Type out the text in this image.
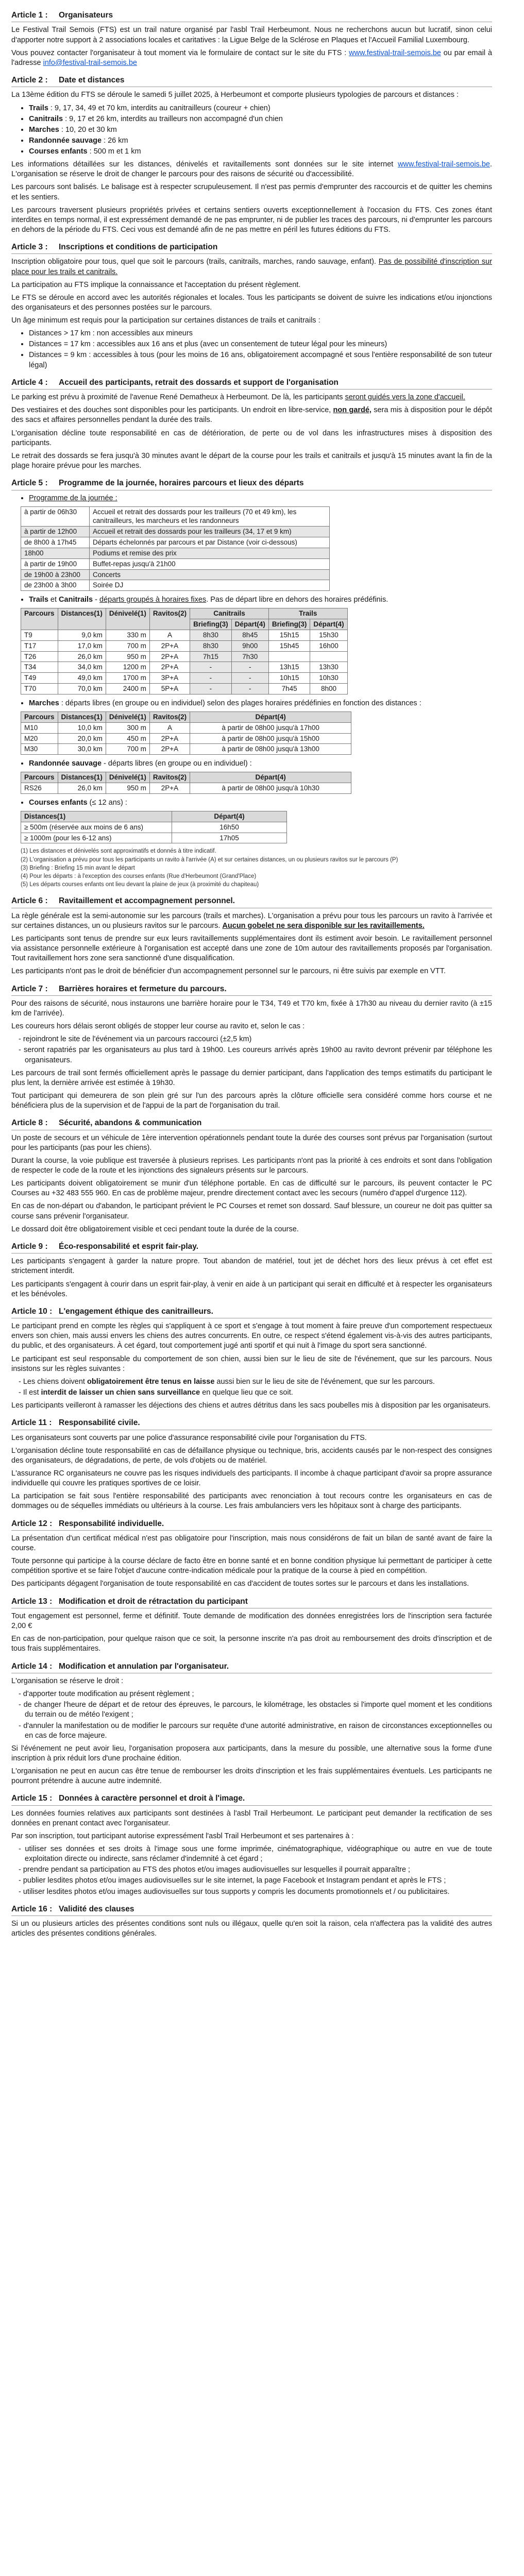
Article 1 : Organisateurs

Le Festival Trail Semois (FTS) est un trail nature organisé par l'asbl Trail Herbeumont. Nous ne recherchons aucun but lucratif, sinon celui d'apporter notre support à 2 associations locales et caritatives : la Ligue Belge de la Sclérose en Plaques et l'Accueil Familial Luxembourg.

Vous pouvez contacter l'organisateur à tout moment via le formulaire de contact sur le site du FTS : www.festival-trail-semois.be ou par email à l'adresse info@festival-trail-semois.be

Article 2 : Date et distances

La 13ème édition du FTS se déroule le samedi 5 juillet 2025, à Herbeumont et comporte plusieurs typologies de parcours et distances :

• Trails : 9, 17, 34, 49 et 70 km, interdits au canitrailleurs (coureur + chien)
• Canitrails : 9, 17 et 26 km, interdits au trailleurs non accompagné d'un chien
• Marches : 10, 20 et 30 km
• Randonnée sauvage : 26 km
• Courses enfants : 500 m et 1 km

Les informations détaillées sur les distances, dénivelés et ravitaillements sont données sur le site internet www.festival-trail-semois.be. L'organisation se réserve le droit de changer le parcours pour des raisons de sécurité ou d'accessibilité.

Les parcours sont balisés. Le balisage est à respecter scrupuleusement. Il n'est pas permis d'emprunter des raccourcis et de quitter les chemins et les sentiers.

Les parcours traversent plusieurs propriétés privées et certains sentiers ouverts exceptionnellement à l'occasion du FTS. Ces zones étant interdites en temps normal, il est expressément demandé de ne pas emprunter, ni de publier les traces des parcours, ni d'emprunter les parcours en dehors de la période du FTS. Ceci vous est demandé afin de ne pas mettre en péril les futures éditions du FTS.

Article 3 : Inscriptions et conditions de participation

Inscription obligatoire pour tous, quel que soit le parcours (trails, canitrails, marches, rando sauvage, enfant). Pas de possibilité d'inscription sur place pour les trails et canitrails.

La participation au FTS implique la connaissance et l'acceptation du présent règlement.

Le FTS se déroule en accord avec les autorités régionales et locales. Tous les participants se doivent de suivre les indications et/ou injonctions des organisateurs et des personnes postées sur le parcours.

Un âge minimum est requis pour la participation sur certaines distances de trails et canitrails :

• Distances > 17 km : non accessibles aux mineurs
• Distances = 17 km : accessibles aux 16 ans et plus (avec un consentement de tuteur légal pour les mineurs)
• Distances = 9 km : accessibles à tous (pour les moins de 16 ans, obligatoirement accompagné et sous l'entière responsabilité de son tuteur légal)
Article 4 : Accueil des participants, retrait des dossards et support de l'organisation

Le parking est prévu à proximité de l'avenue René Dematheux à Herbeumont. De là, les participants seront guidés vers la zone d'accueil.

Des vestiaires et des douches sont disponibles pour les participants. Un endroit en libre-service, non gardé, sera mis à disposition pour le dépôt des sacs et affaires personnelles pendant la durée des trails.

L'organisation décline toute responsabilité en cas de détérioration, de perte ou de vol dans les infrastructures mises à disposition des participants.

Le retrait des dossards se fera jusqu'à 30 minutes avant le départ de la course pour les trails et canitrails et jusqu'à 15 minutes avant la fin de la plage horaire prévue pour les marches.

Article 5 : Programme de la journée, horaires parcours et lieux des départs
• Programme de la journée :
à partir de 06h30	Accueil et retrait des dossards pour les trailleurs (70 et 49 km), les canitrailleurs, les marcheurs et les randonneurs
à partir de 12h00	Accueil et retrait des dossards pour les trailleurs (34, 17 et 9 km)
de 8h00 à 17h45	Départs échelonnés par parcours et par Distance (voir ci-dessous)
18h00	Podiums et remise des prix
à partir de 19h00	Buffet-repas jusqu'à 21h00
de 19h00 à 23h00	Concerts
de 23h00 à 3h00	Soirée DJ
• Trails et Canitrails - départs groupés à horaires fixes. Pas de départ libre en dehors des horaires prédéfinis.
Parcours	Distances(1)	Dénivelé(1)	Ravitos(2)	Canitrails		Trails	
				Briefing(3)	Départ(4)	Briefing(3)	Départ(4)
T9	9,0 km	330 m	A	8h30	8h45	15h15	15h30
T17	17,0 km	700 m	2P+A	8h30	9h00	15h45	16h00
T26	26,0 km	950 m	2P+A	7h15	7h30		
T34	34,0 km	1200 m	2P+A	-	-	13h15	13h30
T49	49,0 km	1700 m	3P+A	-	-	10h15	10h30
T70	70,0 km	2400 m	5P+A	-	-	7h45	8h00
• Marches : départs libres (en groupe ou en individuel) selon des plages horaires prédéfinies en fonction des distances :
Parcours	Distances(1)	Dénivelé(1)	Ravitos(2)	Départ(4)
M10	10,0 km	300 m	A	à partir de 08h00 jusqu'à 17h00
M20	20,0 km	450 m	2P+A	à partir de 08h00 jusqu'à 15h00
M30	30,0 km	700 m	2P+A	à partir de 08h00 jusqu'à 13h00
• Randonnée sauvage - départs libres (en groupe ou en individuel) :
Parcours	Distances(1)	Dénivelé(1)	Ravitos(2)	Départ(4)
RS26	26,0 km	950 m	2P+A	à partir de 08h00 jusqu'à 10h30
• Courses enfants (≤ 12 ans) :
Distances(1)	Départ(4)
≥ 500m (réservée aux moins de 6 ans)	16h50
≥ 1000m (pour les 6-12 ans)	17h05
(1) Les distances et dénivelés sont approximatifs et donnés à titre indicatif.
(2) L'organisation a prévu pour tous les participants un ravito à l'arrivée (A) et sur certaines distances, un ou plusieurs ravitos sur le parcours (P)
(3) Briefing : Briefing 15 min avant le départ
(4) Pour les départs : à l'exception des courses enfants (Rue d'Herbeumont (Grand'Place)
(5) Les départs courses enfants ont lieu devant la plaine de jeux (à proximité du chapiteau)
Article 6 : Ravitaillement et accompagnement personnel.

La règle générale est la semi-autonomie sur les parcours (trails et marches). L'organisation a prévu pour tous les parcours un ravito à l'arrivée et sur certaines distances, un ou plusieurs ravitos sur le parcours. Aucun gobelet ne sera disponible sur les ravitaillements.

Les participants sont tenus de prendre sur eux leurs ravitaillements supplémentaires dont ils estiment avoir besoin. Le ravitaillement personnel via assistance personnelle extérieure à l'organisation est accepté dans une zone de 10m autour des ravitaillements proposés par l'organisation. Tout ravitaillement hors zone sera sanctionné d'une disqualification.

Les participants n'ont pas le droit de bénéficier d'un accompagnement personnel sur le parcours, ni être suivis par exemple en VTT.

Article 7 : Barrières horaires et fermeture du parcours.

Pour des raisons de sécurité, nous instaurons une barrière horaire pour le T34, T49 et T70 km, fixée à 17h30 au niveau du dernier ravito (à ±15 km de l'arrivée).

Les coureurs hors délais seront obligés de stopper leur course au ravito et, selon le cas :

- rejoindront le site de l'événement via un parcours raccourci (±2,5 km)
- seront rapatriés par les organisateurs au plus tard à 19h00. Les coureurs arrivés après 19h00 au ravito devront prévenir par téléphone les organisateurs.

Les parcours de trail sont fermés officiellement après le passage du dernier participant, dans l'application des temps estimatifs du participant le plus lent, la dernière arrivée est estimée à 19h30.

Tout participant qui demeurera de son plein gré sur l'un des parcours après la clôture officielle sera considéré comme hors course et ne bénéficiera plus de la supervision et de l'appui de la part de l'organisation du trail.

Article 8 : Sécurité, abandons & communication

Un poste de secours et un véhicule de 1ère intervention opérationnels pendant toute la durée des courses sont prévus par l'organisation (surtout pour les participants (pas pour les chiens).

Durant la course, la voie publique est traversée à plusieurs reprises. Les participants n'ont pas la priorité à ces endroits et sont dans l'obligation de respecter le code de la route et les injonctions des signaleurs présents sur le parcours.

Les participants doivent obligatoirement se munir d'un téléphone portable. En cas de difficulté sur le parcours, ils peuvent contacter le PC Courses au +32 483 555 960. En cas de problème majeur, prendre directement contact avec les secours (numéro d'appel d'urgence 112).

En cas de non-départ ou d'abandon, le participant prévient le PC Courses et remet son dossard. Sauf blessure, un coureur ne doit pas quitter sa course sans prévenir l'organisateur.

Le dossard doit être obligatoirement visible et ceci pendant toute la durée de la course.

Article 9 : Éco-responsabilité et esprit fair-play.

Les participants s'engagent à garder la nature propre. Tout abandon de matériel, tout jet de déchet hors des lieux prévus à cet effet est strictement interdit.

Les participants s'engagent à courir dans un esprit fair-play, à venir en aide à un participant qui serait en difficulté et à respecter les organisateurs et les bénévoles.

Article 10 : L'engagement éthique des canitrailleurs.

Le participant prend en compte les règles qui s'appliquent à ce sport et s'engage à tout moment à faire preuve d'un comportement respectueux envers son chien, mais aussi envers les chiens des autres concurrents. En outre, ce respect s'étend également vis-à-vis des autres participants, du public, et des organisateurs. À cet égard, tout comportement jugé anti sportif et qui nuit à l'image du sport sera sanctionné.

Le participant est seul responsable du comportement de son chien, aussi bien sur le lieu de site de l'événement, que sur les parcours. Nous insistons sur les règles suivantes :

- Les chiens doivent obligatoirement être tenus en laisse aussi bien sur le lieu de site de l'événement, que sur les parcours.
- Il est interdit de laisser un chien sans surveillance en quelque lieu que ce soit.

Les participants veilleront à ramasser les déjections des chiens et autres détritus dans les sacs poubelles mis à disposition par les organisateurs.

Article 11 : Responsabilité civile.

Les organisateurs sont couverts par une police d'assurance responsabilité civile pour l'organisation du FTS.

L'organisation décline toute responsabilité en cas de défaillance physique ou technique, bris, accidents causés par le non-respect des consignes des organisateurs, de dégradations, de perte, de vols d'objets ou de matériel.

L'assurance RC organisateurs ne couvre pas les risques individuels des participants. Il incombe à chaque participant d'avoir sa propre assurance individuelle qui couvre les pratiques sportives de ce loisir.

La participation se fait sous l'entière responsabilité des participants avec renonciation à tout recours contre les organisateurs en cas de dommages ou de séquelles immédiats ou ultérieurs à la course. Les frais ambulanciers vers les hôpitaux sont à charge des participants.

Article 12 : Responsabilité individuelle.

La présentation d'un certificat médical n'est pas obligatoire pour l'inscription, mais nous considérons de fait un bilan de santé avant de faire la course.

Toute personne qui participe à la course déclare de facto être en bonne santé et en bonne condition physique lui permettant de participer à cette compétition sportive et se faire l'objet d'aucune contre-indication médicale pour la pratique de la course à pied en compétition.

Des participants dégagent l'organisation de toute responsabilité en cas d'accident de toutes sortes sur le parcours et dans les installations.

Article 13 : Modification et droit de rétractation du participant

Tout engagement est personnel, ferme et définitif. Toute demande de modification des données enregistrées lors de l'inscription sera facturée 2,00 €

En cas de non-participation, pour quelque raison que ce soit, la personne inscrite n'a pas droit au remboursement des droits d'inscription et de tous frais supplémentaires.

Article 14 : Modification et annulation par l'organisateur.

L'organisation se réserve le droit :

- d'apporter toute modification au présent règlement ;
- de changer l'heure de départ et de retour des épreuves, le parcours, le kilométrage, les obstacles si l'importe quel moment et les conditions du terrain ou de météo l'exigent ;
- d'annuler la manifestation ou de modifier le parcours sur requête d'une autorité administrative, en raison de circonstances exceptionnelles ou en cas de force majeure.

Si l'événement ne peut avoir lieu, l'organisation proposera aux participants, dans la mesure du possible, une alternative sous la forme d'une inscription à prix réduit lors d'une prochaine édition.

L'organisation ne peut en aucun cas être tenue de rembourser les droits d'inscription et les frais supplémentaires éventuels. Les participants ne pourront prétendre à aucune autre indemnité.

Article 15 : Données à caractère personnel et droit à l'image.

Les données fournies relatives aux participants sont destinées à l'asbl Trail Herbeumont. Le participant peut demander la rectification de ses données en prenant contact avec l'organisateur.

Par son inscription, tout participant autorise expressément l'asbl Trail Herbeumont et ses partenaires à :

- utiliser ses données et ses droits à l'image sous une forme imprimée, cinématographique, vidéographique ou autre en vue de toute exploitation directe ou indirecte, sans réclamer d'indemnité à cet égard ;
- prendre pendant sa participation au FTS des photos et/ou images audiovisuelles sur lesquelles il pourrait apparaître ;
- publier lesdites photos et/ou images audiovisuelles sur le site internet, la page Facebook et Instagram pendant et après le FTS ;
- utiliser lesdites photos et/ou images audiovisuelles sur tous supports y compris les documents promotionnels et / ou publicitaires.
Article 16 : Validité des clauses

Si un ou plusieurs articles des présentes conditions sont nuls ou illégaux, quelle qu'en soit la raison, cela n'affectera pas la validité des autres articles des présentes conditions générales.
